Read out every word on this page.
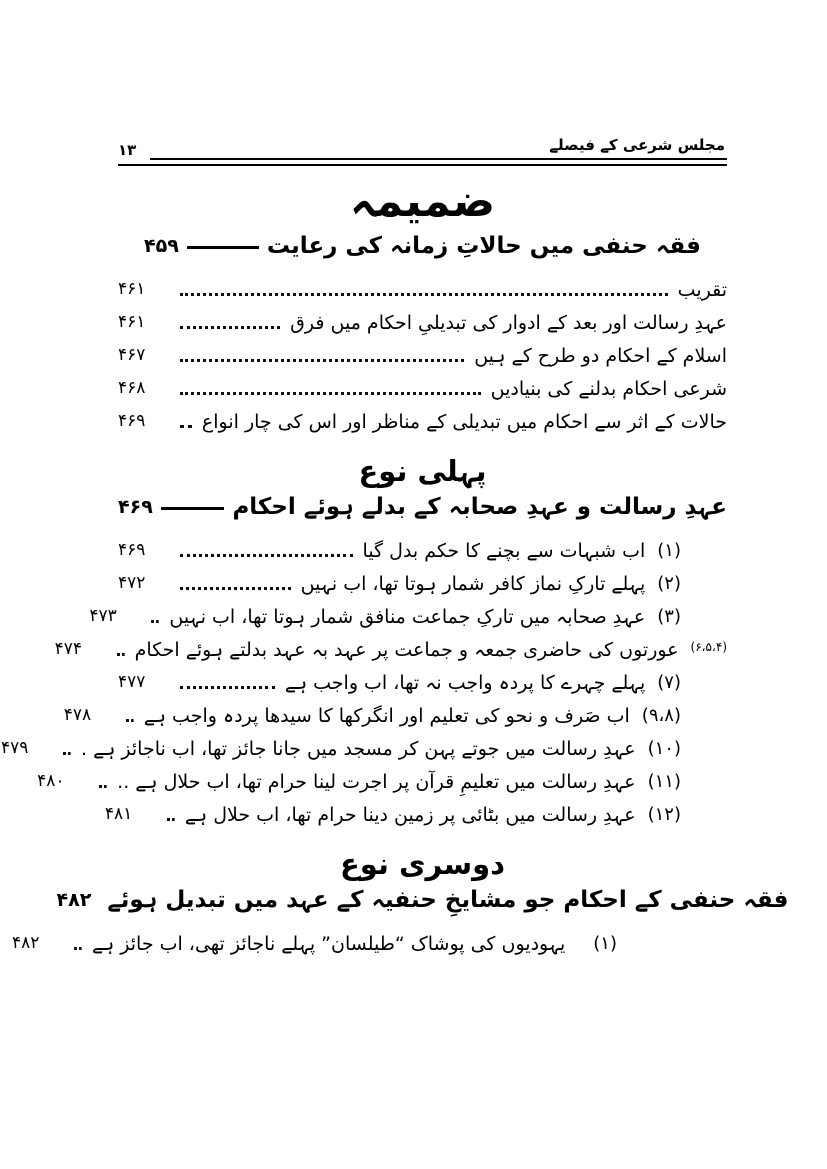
مجلس شرعی کے فیصلے
۱۳
ضمیمہ
فقہ حنفی میں حالاتِ زمانہ کی رعایت
۴۵۹
تقریب
۴۶۱
عہدِ رسالت اور بعد کے ادوار کی تبدیلیِ احکام میں فرق
۴۶۱
اسلام کے احکام دو طرح کے ہیں
۴۶۷
شرعی احکام بدلنے کی بنیادیں
۴۶۸
حالات کے اثر سے احکام میں تبدیلی کے مناظر اور اس کی چار انواع
۴۶۹
پہلی نوع
عہدِ رسالت و عہدِ صحابہ کے بدلے ہوئے احکام
۴۶۹
(۱)
اب شبہات سے بچنے کا حکم بدل گیا
۴۶۹
(۲)
پہلے تارکِ نماز کافر شمار ہوتا تھا، اب نہیں
۴۷۲
(۳)
عہدِ صحابہ میں تارکِ جماعت منافق شمار ہوتا تھا، اب نہیں
۴۷۳
(۶،۵،۴)
عورتوں کی حاضری جمعہ و جماعت پر عہد بہ عہد بدلتے ہوئے احکام
۴۷۴
(۷)
پہلے چہرے کا پردہ واجب نہ تھا، اب واجب ہے
۴۷۷
(۹،۸)
اب صَرف و نحو کی تعلیم اور انگرکھا کا سیدھا پردہ واجب ہے
۴۷۸
(۱۰)
عہدِ رسالت میں جوتے پہن کر مسجد میں جانا جائز تھا، اب ناجائز ہے .
۴۷۹
(۱۱)
عہدِ رسالت میں تعلیمِ قرآن پر اجرت لینا حرام تھا، اب حلال ہے ..
۴۸۰
(۱۲)
عہدِ رسالت میں بٹائی پر زمین دینا حرام تھا، اب حلال ہے
۴۸۱
دوسری نوع
فقہ حنفی کے احکام جو مشایخِ حنفیہ کے عہد میں تبدیل ہوئے
۴۸۲
(۱)
یہودیوں کی پوشاک “طیلسان” پہلے ناجائز تھی، اب جائز ہے
۴۸۲
